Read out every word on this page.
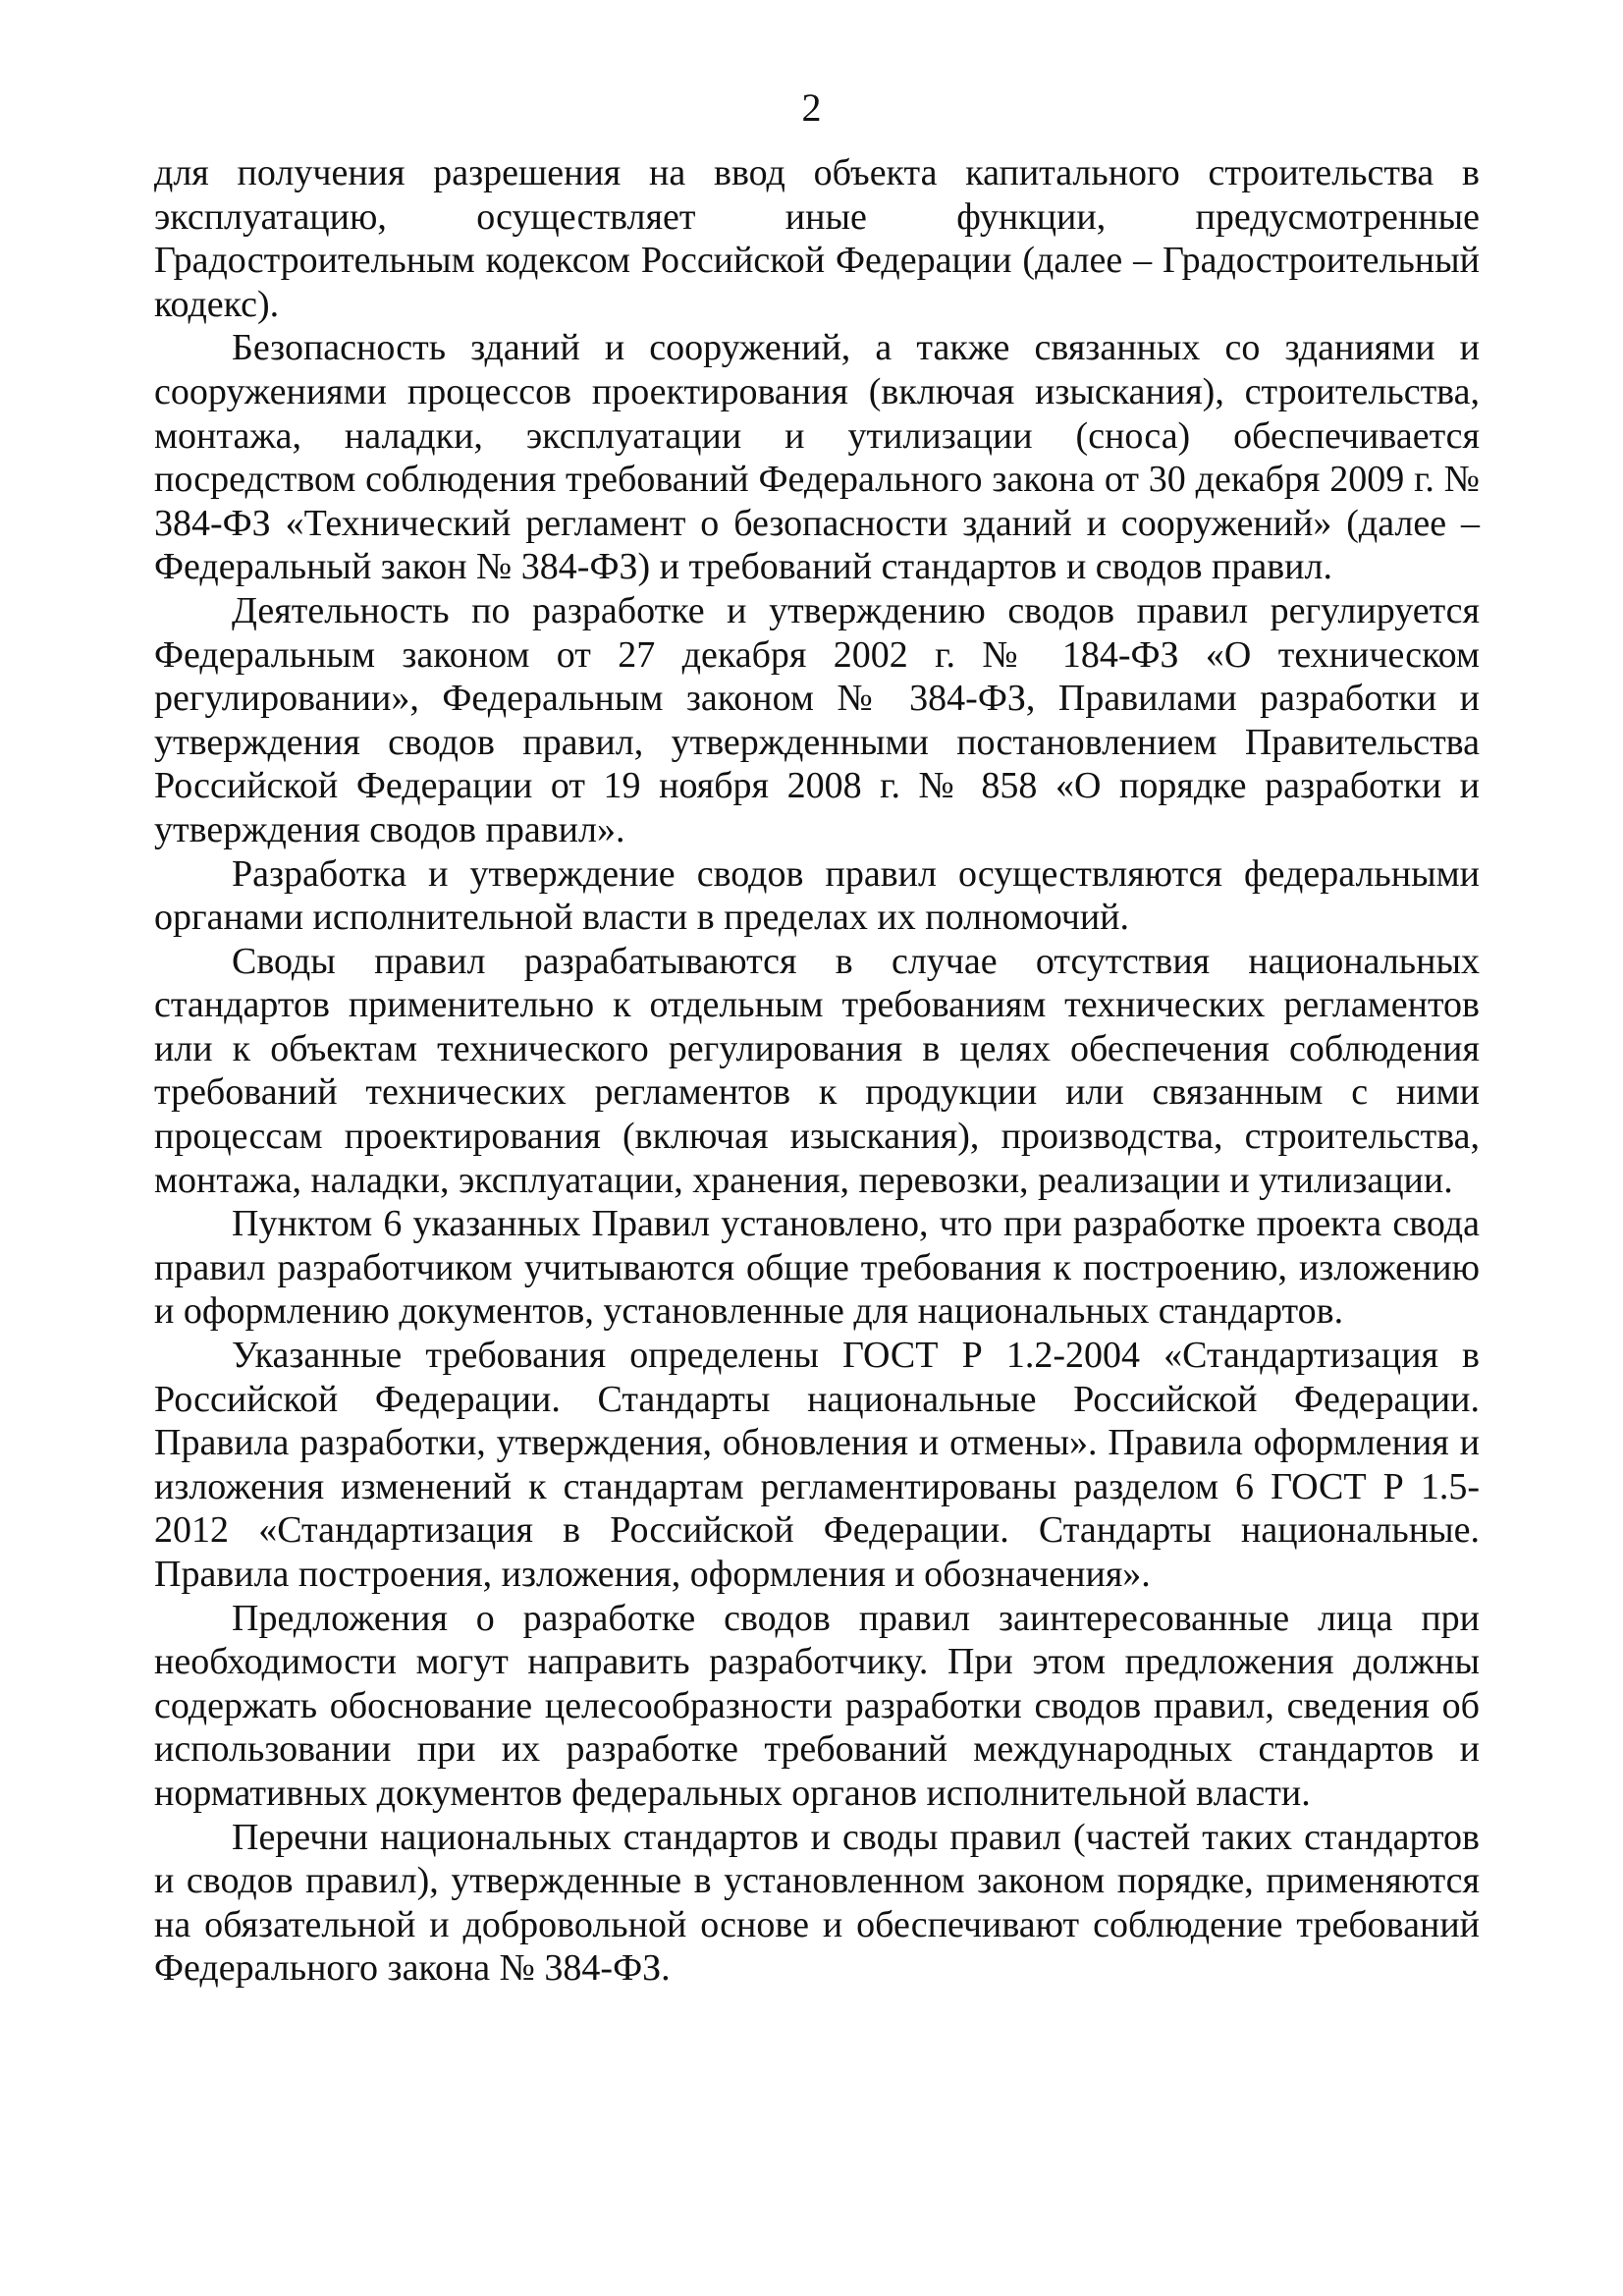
2

для получения разрешения на ввод объекта капитального строительства в эксплуатацию, осуществляет иные функции, предусмотренные Градостроительным кодексом Российской Федерации (далее – Градостроительный кодекс).

Безопасность зданий и сооружений, а также связанных со зданиями и сооружениями процессов проектирования (включая изыскания), строительства, монтажа, наладки, эксплуатации и утилизации (сноса) обеспечивается посредством соблюдения требований Федерального закона от 30 декабря 2009 г. № 384-ФЗ «Технический регламент о безопасности зданий и сооружений» (далее – Федеральный закон № 384-ФЗ) и требований стандартов и сводов правил.

Деятельность по разработке и утверждению сводов правил регулируется Федеральным законом от 27 декабря 2002 г. № 184-ФЗ «О техническом регулировании», Федеральным законом № 384-ФЗ, Правилами разработки и утверждения сводов правил, утвержденными постановлением Правительства Российской Федерации от 19 ноября 2008 г. № 858 «О порядке разработки и утверждения сводов правил».

Разработка и утверждение сводов правил осуществляются федеральными органами исполнительной власти в пределах их полномочий.

Своды правил разрабатываются в случае отсутствия национальных стандартов применительно к отдельным требованиям технических регламентов или к объектам технического регулирования в целях обеспечения соблюдения требований технических регламентов к продукции или связанным с ними процессам проектирования (включая изыскания), производства, строительства, монтажа, наладки, эксплуатации, хранения, перевозки, реализации и утилизации.

Пунктом 6 указанных Правил установлено, что при разработке проекта свода правил разработчиком учитываются общие требования к построению, изложению и оформлению документов, установленные для национальных стандартов.

Указанные требования определены ГОСТ Р 1.2-2004 «Стандартизация в Российской Федерации. Стандарты национальные Российской Федерации. Правила разработки, утверждения, обновления и отмены». Правила оформления и изложения изменений к стандартам регламентированы разделом 6 ГОСТ Р 1.5-2012 «Стандартизация в Российской Федерации. Стандарты национальные. Правила построения, изложения, оформления и обозначения».

Предложения о разработке сводов правил заинтересованные лица при необходимости могут направить разработчику. При этом предложения должны содержать обоснование целесообразности разработки сводов правил, сведения об использовании при их разработке требований международных стандартов и нормативных документов федеральных органов исполнительной власти.

Перечни национальных стандартов и своды правил (частей таких стандартов и сводов правил), утвержденные в установленном законом порядке, применяются на обязательной и добровольной основе и обеспечивают соблюдение требований Федерального закона № 384-ФЗ.
